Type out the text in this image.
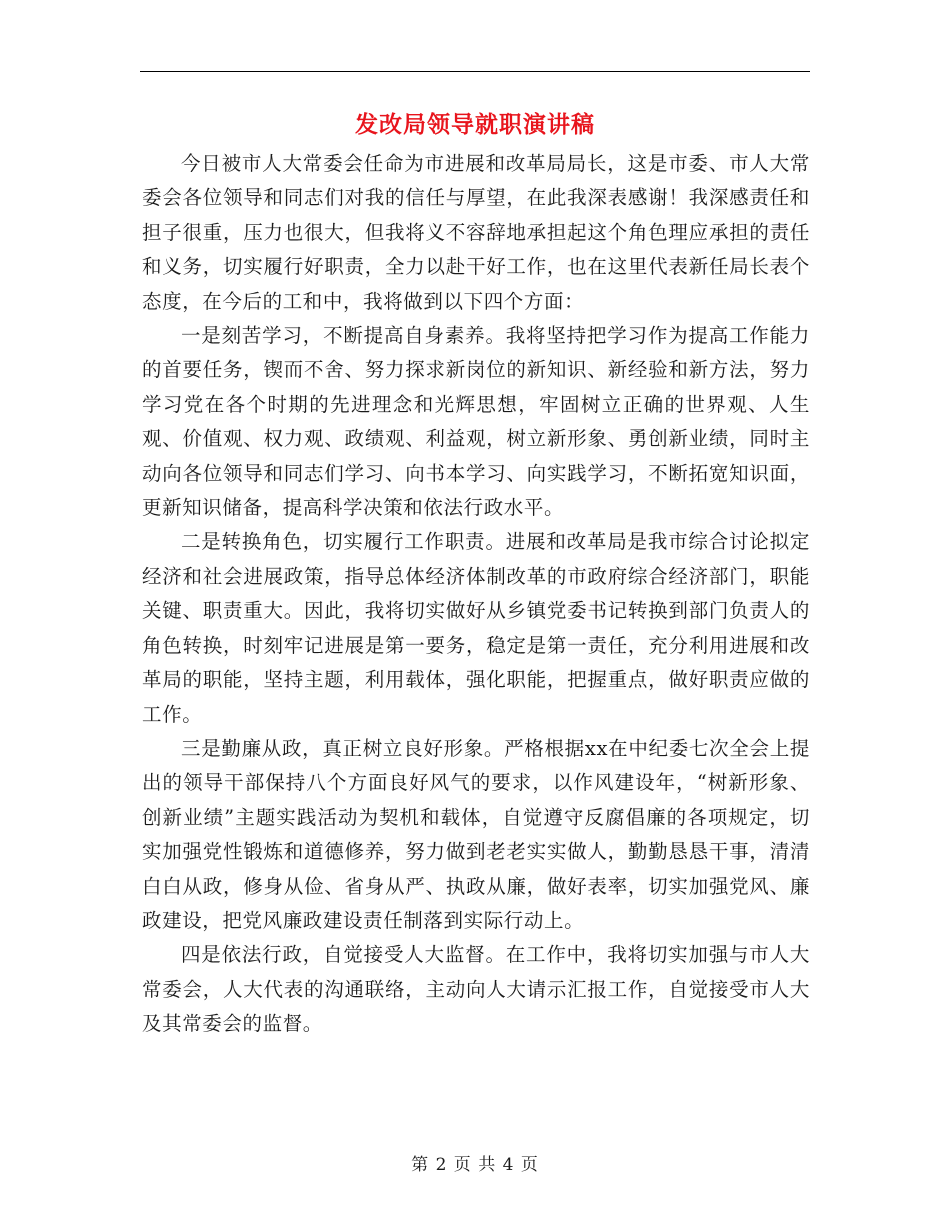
发改局领导就职演讲稿

今日被市人大常委会任命为市进展和改革局局长，这是市委、市人大常委会各位领导和同志们对我的信任与厚望，在此我深表感谢！我深感责任和担子很重，压力也很大，但我将义不容辞地承担起这个角色理应承担的责任和义务，切实履行好职责，全力以赴干好工作，也在这里代表新任局长表个态度，在今后的工和中，我将做到以下四个方面：

一是刻苦学习，不断提高自身素养。我将坚持把学习作为提高工作能力的首要任务，锲而不舍、努力探求新岗位的新知识、新经验和新方法，努力学习党在各个时期的先进理念和光辉思想，牢固树立正确的世界观、人生观、价值观、权力观、政绩观、利益观，树立新形象、勇创新业绩，同时主动向各位领导和同志们学习、向书本学习、向实践学习，不断拓宽知识面，更新知识储备，提高科学决策和依法行政水平。

二是转换角色，切实履行工作职责。进展和改革局是我市综合讨论拟定经济和社会进展政策，指导总体经济体制改革的市政府综合经济部门，职能关键、职责重大。因此，我将切实做好从乡镇党委书记转换到部门负责人的角色转换，时刻牢记进展是第一要务，稳定是第一责任，充分利用进展和改革局的职能，坚持主题，利用载体，强化职能，把握重点，做好职责应做的工作。

三是勤廉从政，真正树立良好形象。严格根据xx在中纪委七次全会上提出的领导干部保持八个方面良好风气的要求，以作风建设年，“树新形象、创新业绩”主题实践活动为契机和载体，自觉遵守反腐倡廉的各项规定，切实加强党性锻炼和道德修养，努力做到老老实实做人，勤勤恳恳干事，清清白白从政，修身从俭、省身从严、执政从廉，做好表率，切实加强党风、廉政建设，把党风廉政建设责任制落到实际行动上。

四是依法行政，自觉接受人大监督。在工作中，我将切实加强与市人大常委会，人大代表的沟通联络，主动向人大请示汇报工作，自觉接受市人大及其常委会的监督。

第 2 页 共 4 页
